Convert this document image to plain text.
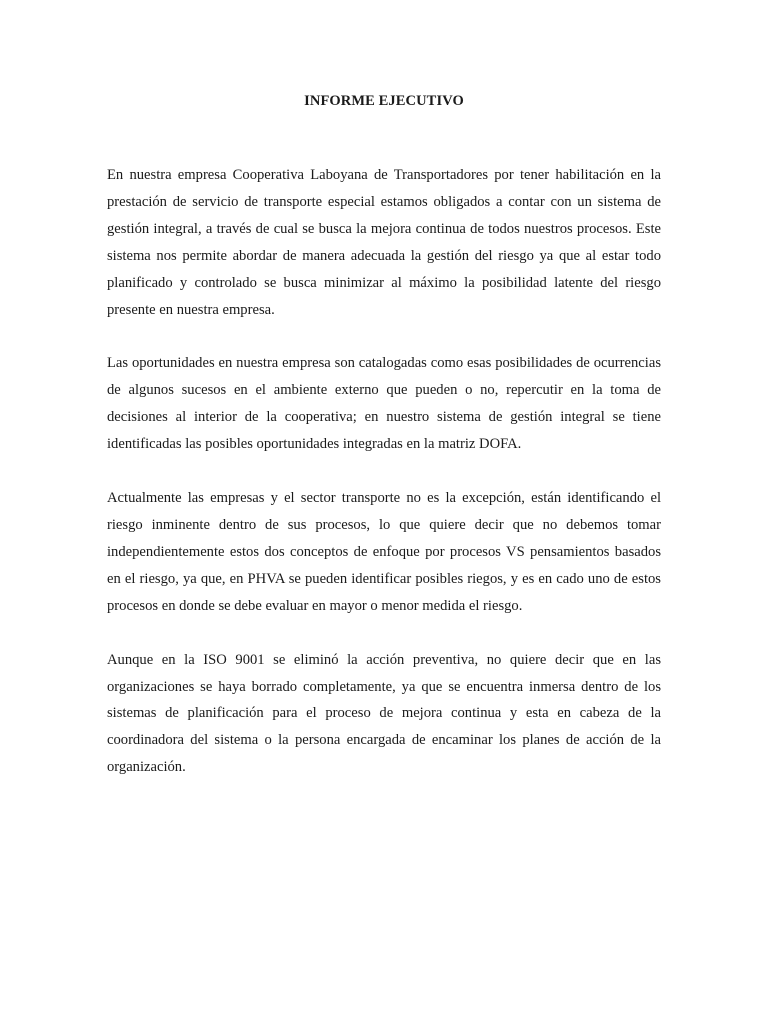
INFORME EJECUTIVO

En nuestra empresa Cooperativa Laboyana de Transportadores por tener habilitación en la prestación de servicio de transporte especial estamos obligados a contar con un sistema de gestión integral, a través de cual se busca la mejora continua de todos nuestros procesos. Este sistema nos permite abordar de manera adecuada la gestión del riesgo ya que al estar todo planificado y controlado se busca minimizar al máximo la posibilidad latente del riesgo presente en nuestra empresa.

Las oportunidades en nuestra empresa son catalogadas como esas posibilidades de ocurrencias de algunos sucesos en el ambiente externo que pueden o no, repercutir en la toma de decisiones al interior de la cooperativa; en nuestro sistema de gestión integral se tiene identificadas las posibles oportunidades integradas en la matriz DOFA.

Actualmente las empresas y el sector transporte no es la excepción, están identificando el riesgo inminente dentro de sus procesos, lo que quiere decir que no debemos tomar independientemente estos dos conceptos de enfoque por procesos VS pensamientos basados en el riesgo, ya que, en PHVA se pueden identificar posibles riegos, y es en cado uno de estos procesos en donde se debe evaluar en mayor o menor medida el riesgo.

Aunque en la ISO 9001 se eliminó la acción preventiva, no quiere decir que en las organizaciones se haya borrado completamente, ya que se encuentra inmersa dentro de los sistemas de planificación para el proceso de mejora continua y esta en cabeza de la coordinadora del sistema o la persona encargada de encaminar los planes de acción de la organización.
